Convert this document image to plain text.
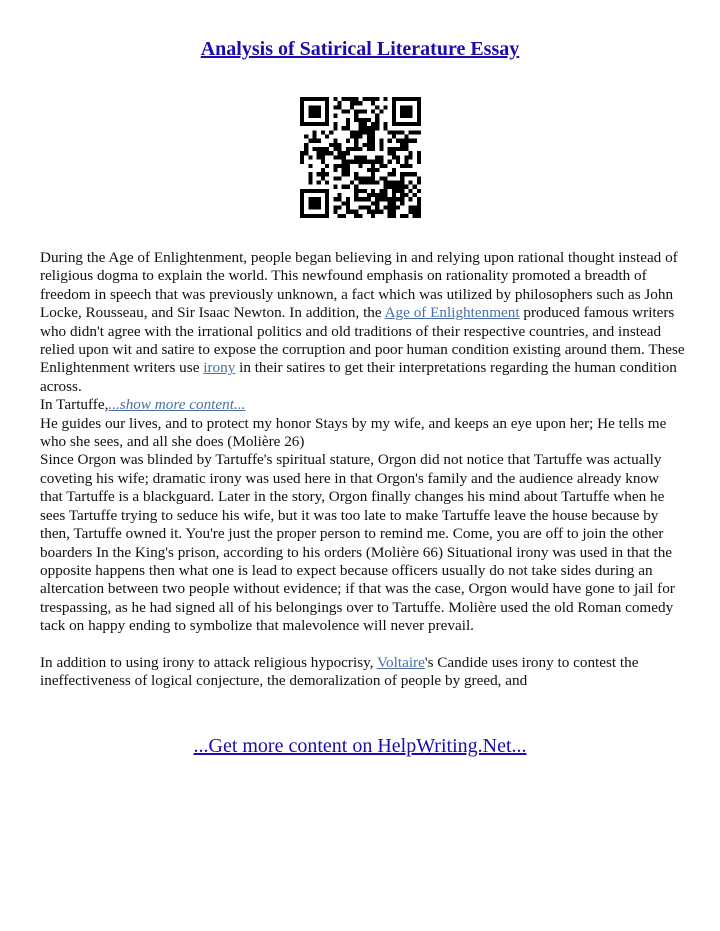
Analysis of Satirical Literature Essay

During the Age of Enlightenment, people began believing in and relying upon rational thought instead of religious dogma to explain the world. This newfound emphasis on rationality promoted a breadth of freedom in speech that was previously unknown, a fact which was utilized by philosophers such as John Locke, Rousseau, and Sir Isaac Newton. In addition, the Age of Enlightenment produced famous writers who didn't agree with the irrational politics and old traditions of their respective countries, and instead relied upon wit and satire to expose the corruption and poor human condition existing around them. These Enlightenment writers use irony in their satires to get their interpretations regarding the human condition across.

In Tartuffe,...show more content...

He guides our lives, and to protect my honor Stays by my wife, and keeps an eye upon her; He tells me who she sees, and all she does (Molière 26)

Since Orgon was blinded by Tartuffe's spiritual stature, Orgon did not notice that Tartuffe was actually coveting his wife; dramatic irony was used here in that Orgon's family and the audience already know that Tartuffe is a blackguard. Later in the story, Orgon finally changes his mind about Tartuffe when he sees Tartuffe trying to seduce his wife, but it was too late to make Tartuffe leave the house because by then, Tartuffe owned it. You're just the proper person to remind me. Come, you are off to join the other boarders In the King's prison, according to his orders (Molière 66) Situational irony was used in that the opposite happens then what one is lead to expect because officers usually do not take sides during an altercation between two people without evidence; if that was the case, Orgon would have gone to jail for trespassing, as he had signed all of his belongings over to Tartuffe. Molière used the old Roman comedy tack on happy ending to symbolize that malevolence will never prevail.

In addition to using irony to attack religious hypocrisy, Voltaire's Candide uses irony to contest the ineffectiveness of logical conjecture, the demoralization of people by greed, and

...Get more content on HelpWriting.Net...
